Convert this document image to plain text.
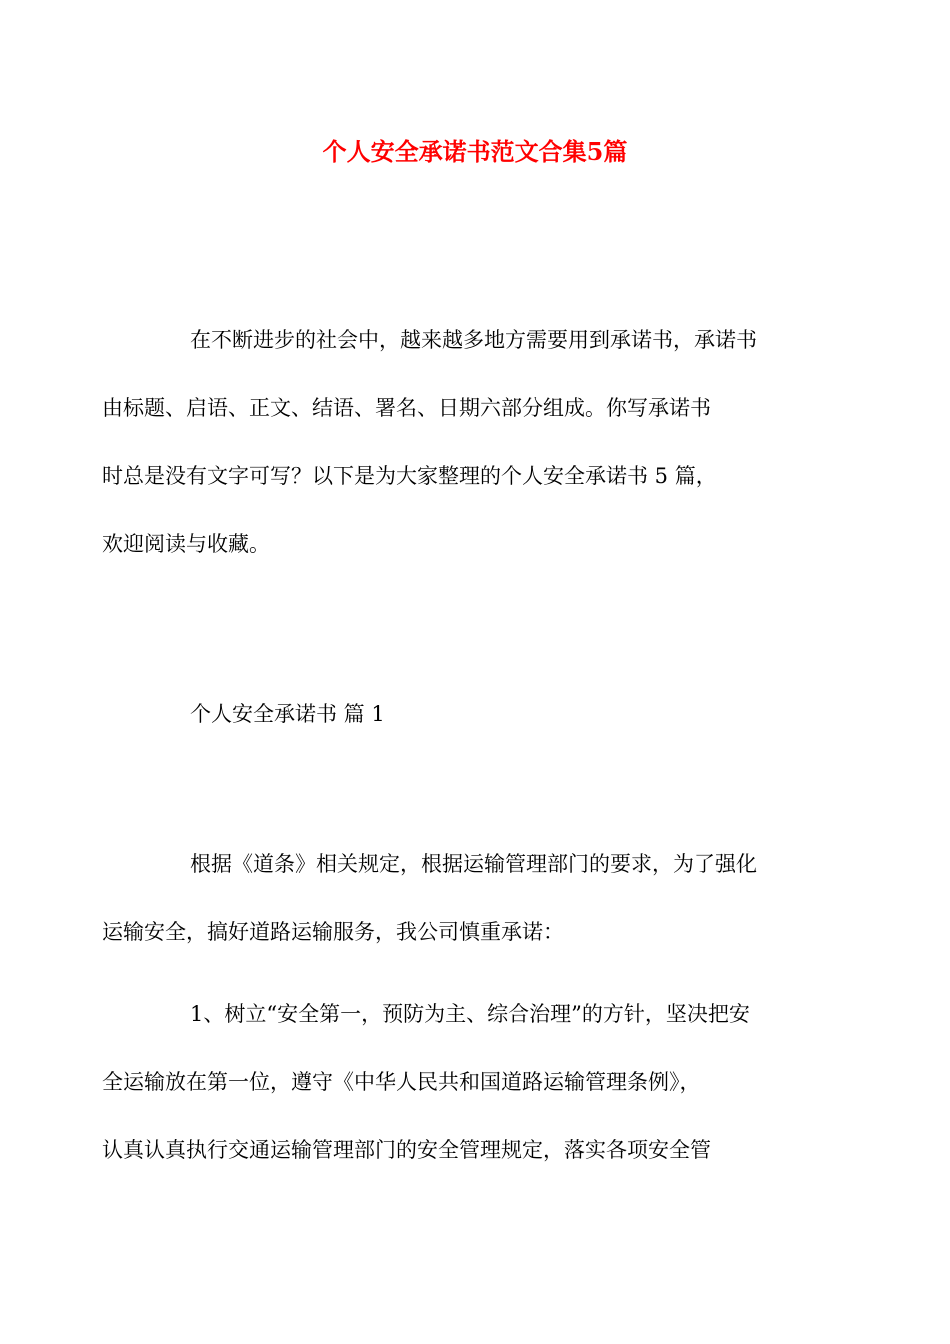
个人安全承诺书范文合集5篇

在不断进步的社会中，越来越多地方需要用到承诺书，承诺书
由标题、启语、正文、结语、署名、日期六部分组成。你写承诺书
时总是没有文字可写？以下是为大家整理的个人安全承诺书 5 篇，
欢迎阅读与收藏。

个人安全承诺书 篇 1

根据《道条》相关规定，根据运输管理部门的要求，为了强化
运输安全，搞好道路运输服务，我公司慎重承诺：

1、树立“安全第一，预防为主、综合治理”的方针，坚决把安
全运输放在第一位，遵守《中华人民共和国道路运输管理条例》，
认真认真执行交通运输管理部门的安全管理规定，落实各项安全管
